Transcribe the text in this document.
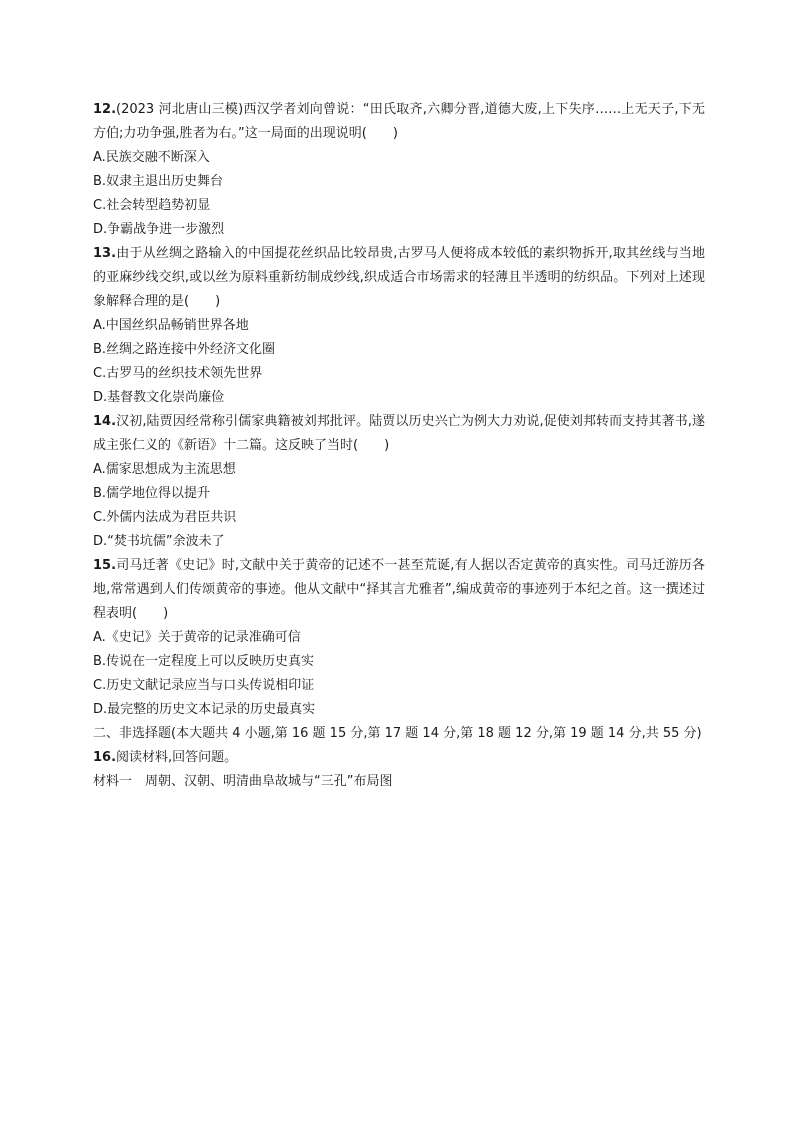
12.(2023 河北唐山三模)西汉学者刘向曾说：“田氏取齐,六卿分晋,道德大废,上下失序……上无天子,下无方伯;力功争强,胜者为右。”这一局面的出现说明(　　)
A.民族交融不断深入
B.奴隶主退出历史舞台
C.社会转型趋势初显
D.争霸战争进一步激烈
13.由于从丝绸之路输入的中国提花丝织品比较昂贵,古罗马人便将成本较低的素织物拆开,取其丝线与当地的亚麻纱线交织,或以丝为原料重新纺制成纱线,织成适合市场需求的轻薄且半透明的纺织品。下列对上述现象解释合理的是(　　)
A.中国丝织品畅销世界各地
B.丝绸之路连接中外经济文化圈
C.古罗马的丝织技术领先世界
D.基督教文化崇尚廉俭
14.汉初,陆贾因经常称引儒家典籍被刘邦批评。陆贾以历史兴亡为例大力劝说,促使刘邦转而支持其著书,遂成主张仁义的《新语》十二篇。这反映了当时(　　)
A.儒家思想成为主流思想
B.儒学地位得以提升
C.外儒内法成为君臣共识
D.“焚书坑儒”余波未了
15.司马迁著《史记》时,文献中关于黄帝的记述不一甚至荒诞,有人据以否定黄帝的真实性。司马迁游历各地,常常遇到人们传颂黄帝的事迹。他从文献中“择其言尤雅者”,编成黄帝的事迹列于本纪之首。这一撰述过程表明(　　)
A.《史记》关于黄帝的记录准确可信
B.传说在一定程度上可以反映历史真实
C.历史文献记录应当与口头传说相印证
D.最完整的历史文本记录的历史最真实
二、非选择题(本大题共 4 小题,第 16 题 15 分,第 17 题 14 分,第 18 题 12 分,第 19 题 14 分,共 55 分)
16.阅读材料,回答问题。
材料一　周朝、汉朝、明清曲阜故城与“三孔”布局图
